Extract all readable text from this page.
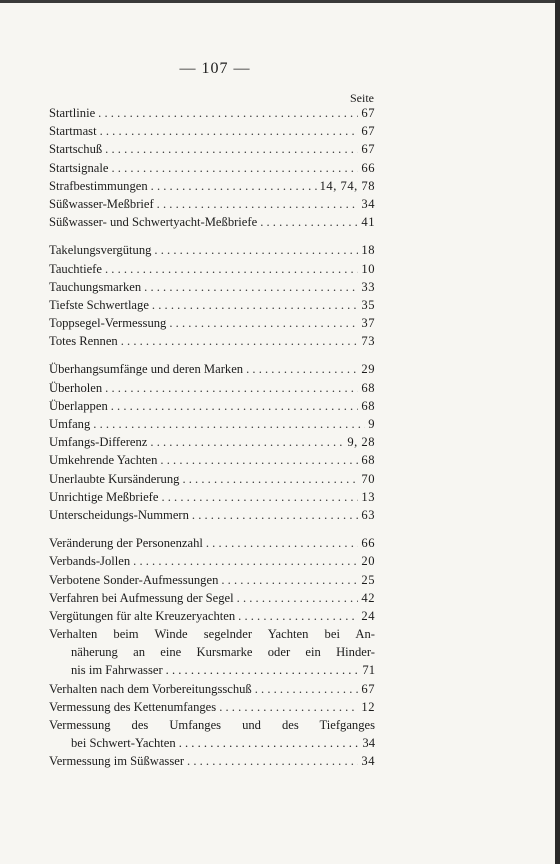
— 107 —
Seite
Startlinie . . .	67
Startmast . . .	67
Startschuß . . .	67
Startsignale . . .	66
Strafbestimmungen . . .	14, 74, 78
Süßwasser-Meßbrief . . .	34
Süßwasser- und Schwertyacht-Meßbriefe . . .	41
Takelungsvergütung . . .	18
Tauchtiefe . . .	10
Tauchungsmarken . . .	33
Tiefste Schwertlage . . .	35
Toppsegel-Vermessung . . .	37
Totes Rennen . . .	73
Überhangsumfänge und deren Marken . . .	29
Überholen . . .	68
Überlappen . . .	68
Umfang . . .	9
Umfangs-Differenz . . .	9, 28
Umkehrende Yachten . . .	68
Unerlaubte Kursänderung . . .	70
Unrichtige Meßbriefe . . .	13
Unterscheidungs-Nummern . . .	63
Veränderung der Personenzahl . . .	66
Verbands-Jollen . . .	20
Verbotene Sonder-Aufmessungen . . .	25
Verfahren bei Aufmessung der Segel . . .	42
Vergütungen für alte Kreuzeryachten . . .	24
Verhalten beim Winde segelnder Yachten bei An-
näherung an eine Kursmarke oder ein Hinder-
nis im Fahrwasser . . .	71
Verhalten nach dem Vorbereitungsschuß . . .	67
Vermessung des Kettenumfanges . . .	12
Vermessung des Umfanges und des Tiefganges
bei Schwert-Yachten . . .	34
Vermessung im Süßwasser . . .	34
